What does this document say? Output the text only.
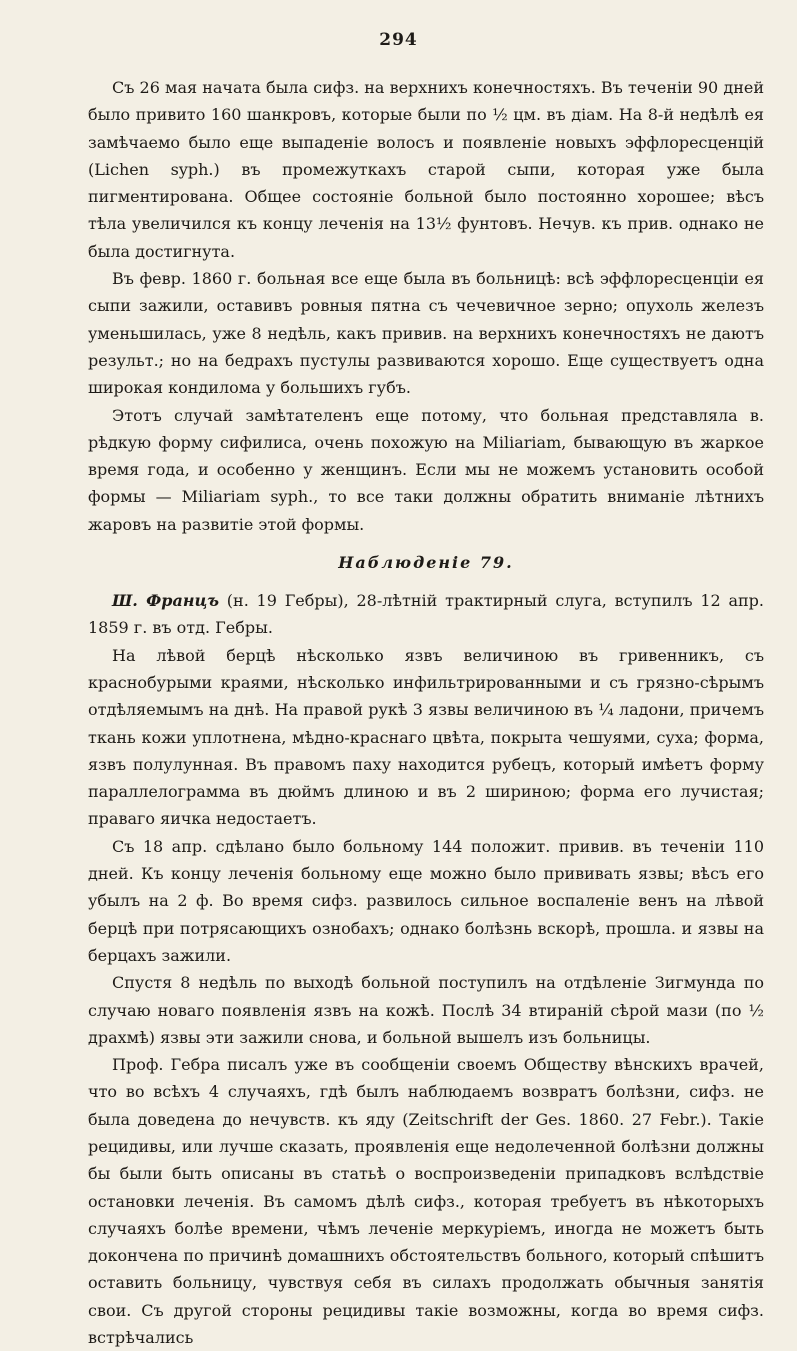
294

Съ 26 мая начата была сифз. на верхнихъ конечностяхъ. Въ теченiи 90 дней было привито 160 шанкровъ, которые были по ½ цм. въ дiам. На 8-й недѣлѣ ея замѣчаемо было еще выпаденiе волосъ и появленiе новыхъ эффлоресценцiй (Lichen syph.) въ промежуткахъ старой сыпи, которая уже была пигментирована. Общее состоянiе больной было постоянно хорошее; вѣсъ тѣла увеличился къ концу леченiя на 13½ фунтовъ. Нечув. къ прив. однако не была достигнута.

Въ февр. 1860 г. больная все еще была въ больницѣ: всѣ эффлоресценцiи ея сыпи зажили, оставивъ ровныя пятна съ чечевичное зерно; опухоль железъ уменьшилась, уже 8 недѣль, какъ привив. на верхнихъ конечностяхъ не даютъ результ.; но на бедрахъ пустулы развиваются хорошо. Еще существуетъ одна широкая кондилома у большихъ губъ.

Этотъ случай замѣтателенъ еще потому, что больная представляла в. рѣдкую форму сифилиса, очень похожую на Miliariam, бывающую въ жаркое время года, и особенно у женщинъ. Если мы не можемъ установить особой формы — Miliariam syph., то все таки должны обратить вниманiе лѣтнихъ жаровъ на развитiе этой формы.

Наблюденiе 79.

Ш. Францъ (н. 19 Гебры), 28-лѣтнiй трактирный слуга, вступилъ 12 апр. 1859 г. въ отд. Гебры.

На лѣвой берцѣ нѣсколько язвъ величиною въ гривенникъ, съ краснобурыми краями, нѣсколько инфильтрированными и съ грязно-сѣрымъ отдѣляемымъ на днѣ. На правой рукѣ 3 язвы величиною въ ¼ ладони, причемъ ткань кожи уплотнена, мѣдно-краснаго цвѣта, покрыта чешуями, суха; форма, язвъ полулунная. Въ правомъ паху находится рубецъ, который имѣетъ форму параллелограмма въ дюймъ длиною и въ 2 шириною; форма его лучистая; праваго яичка недостаетъ.

Съ 18 апр. сдѣлано было больному 144 положит. привив. въ теченiи 110 дней. Къ концу леченiя больному еще можно было прививать язвы; вѣсъ его убылъ на 2 ф. Во время сифз. развилось сильное воспаленiе венъ на лѣвой берцѣ при потрясающихъ ознобахъ; однако болѣзнь вскорѣ, прошла. и язвы на берцахъ зажили.

Спустя 8 недѣль по выходѣ больной поступилъ на отдѣленiе Зигмунда по случаю новаго появленiя язвъ на кожѣ. Послѣ 34 втиранiй сѣрой мази (по ½ драхмѣ) язвы эти зажили снова, и больной вышелъ изъ больницы.

Проф. Гебра писалъ уже въ сообщенiи своемъ Обществу вѣнскихъ врачей, что во всѣхъ 4 случаяхъ, гдѣ былъ наблюдаемъ возвратъ болѣзни, сифз. не была доведена до нечувств. къ яду (Zeitschrift der Ges. 1860. 27 Febr.). Такiе рецидивы, или лучше сказать, проявленiя еще недолеченной болѣзни должны бы были быть описаны въ статьѣ о воспроизведенiи припадковъ вслѣдствiе остановки леченiя. Въ самомъ дѣлѣ сифз., которая требуетъ въ нѣкоторыхъ случаяхъ болѣе времени, чѣмъ леченiе меркурiемъ, иногда не можетъ быть докончена по причинѣ домашнихъ обстоятельствъ больного, который спѣшитъ оставить больницу, чувствуя себя въ силахъ продолжать обычныя занятiя свои. Съ другой стороны рецидивы такiе возможны, когда во время сифз. встрѣчались
